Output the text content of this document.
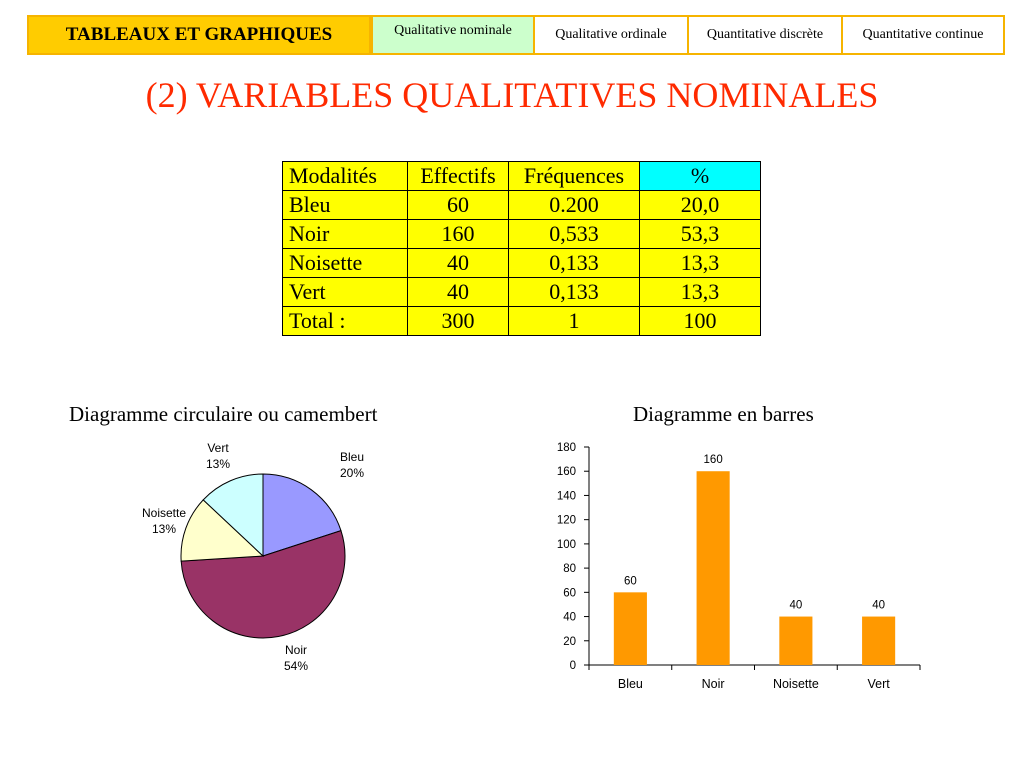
TABLEAUX ET GRAPHIQUES	Qualitative nominale	Qualitative ordinale	Quantitative discrète	Quantitative continue
(2) VARIABLES QUALITATIVES NOMINALES
Modalités	Effectifs	Fréquences	%
Bleu	60	0.200	20,0
Noir	160	0,533	53,3
Noisette	40	0,133	13,3
Vert	40	0,133	13,3
Total :	300	1	100
Diagramme circulaire ou camembert	Diagramme en barres
Bleu
20%
Noir
54%
Noisette
13%
Vert
13%
0
20
40
60
80
100
120
140
160
180
60
Bleu
160
Noir
40
Noisette
40
Vert
